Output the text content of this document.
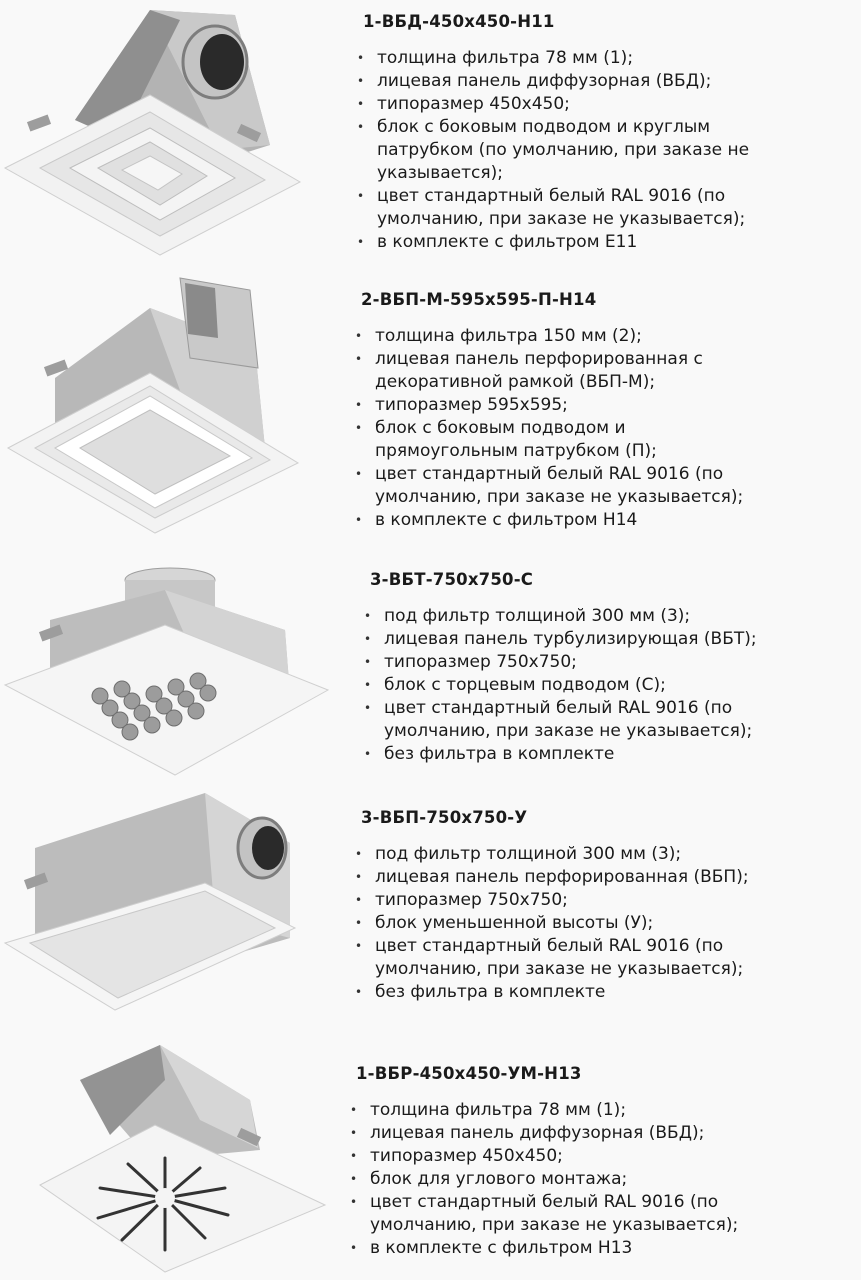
1-ВБД-450х450-Н11
• толщина фильтра 78 мм (1);
• лицевая панель диффузорная (ВБД);
• типоразмер 450х450;
• блок с боковым подводом и круглым
патрубком (по умолчанию, при заказе не
указывается);
• цвет стандартный белый RAL 9016 (по
умолчанию, при заказе не указывается);
• в комплекте с фильтром Е11
2-ВБП-М-595х595-П-Н14
• толщина фильтра 150 мм (2);
• лицевая панель перфорированная с
декоративной рамкой (ВБП-М);
• типоразмер 595х595;
• блок с боковым подводом и
прямоугольным патрубком (П);
• цвет стандартный белый RAL 9016 (по
умолчанию, при заказе не указывается);
• в комплекте с фильтром Н14
3-ВБТ-750х750-С
• под фильтр толщиной 300 мм (3);
• лицевая панель турбулизирующая (ВБТ);
• типоразмер 750х750;
• блок с торцевым подводом (С);
• цвет стандартный белый RAL 9016 (по
умолчанию, при заказе не указывается);
• без фильтра в комплекте
3-ВБП-750х750-У
• под фильтр толщиной 300 мм (3);
• лицевая панель перфорированная (ВБП);
• типоразмер 750х750;
• блок уменьшенной высоты (У);
• цвет стандартный белый RAL 9016 (по
умолчанию, при заказе не указывается);
• без фильтра в комплекте
1-ВБР-450х450-УМ-Н13
• толщина фильтра 78 мм (1);
• лицевая панель диффузорная (ВБД);
• типоразмер 450х450;
• блок для углового монтажа;
• цвет стандартный белый RAL 9016 (по
умолчанию, при заказе не указывается);
• в комплекте с фильтром Н13
